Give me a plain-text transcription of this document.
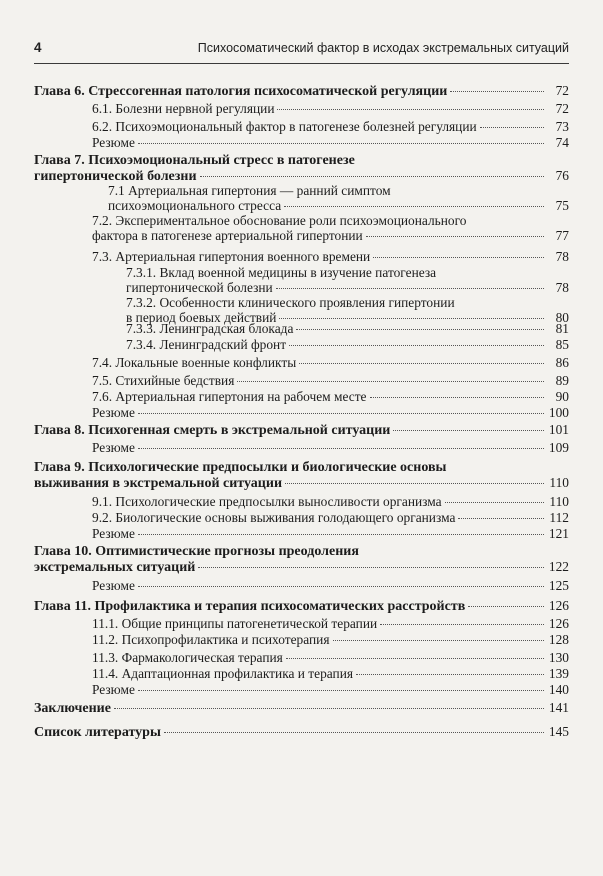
4	Психосоматический фактор в исходах экстремальных ситуаций
Глава 6. Стрессогенная патология психосоматической регуляции	72
6.1. Болезни нервной регуляции	72
6.2. Психоэмоциональный фактор в патогенезе болезней регуляции	73
Резюме	74
Глава 7. Психоэмоциональный стресс в патогенезе
гипертонической болезни	76
7.1 Артериальная гипертония — ранний симптом
психоэмоционального стресса	75
7.2. Экспериментальное обоснование роли психоэмоционального
фактора в патогенезе артериальной гипертонии	77
7.3. Артериальная гипертония военного времени	78
7.3.1. Вклад военной медицины в изучение патогенеза
гипертонической болезни	78
7.3.2. Особенности клинического проявления гипертонии
в период боевых действий	80
7.3.3. Ленинградская блокада	81
7.3.4. Ленинградский фронт	85
7.4. Локальные военные конфликты	86
7.5. Стихийные бедствия	89
7.6. Артериальная гипертония на рабочем месте	90
Резюме	100
Глава 8. Психогенная смерть в экстремальной ситуации	101
Резюме	109
Глава 9. Психологические предпосылки и биологические основы
выживания в экстремальной ситуации	110
9.1. Психологические предпосылки выносливости организма	110
9.2. Биологические основы выживания голодающего организма	112
Резюме	121
Глава 10. Оптимистические прогнозы преодоления
экстремальных ситуаций	122
Резюме	125
Глава 11. Профилактика и терапия психосоматических расстройств	126
11.1. Общие принципы патогенетической терапии	126
11.2. Психопрофилактика и психотерапия	128
11.3. Фармакологическая терапия	130
11.4. Адаптационная профилактика и терапия	139
Резюме	140
Заключение	141
Список литературы	145
